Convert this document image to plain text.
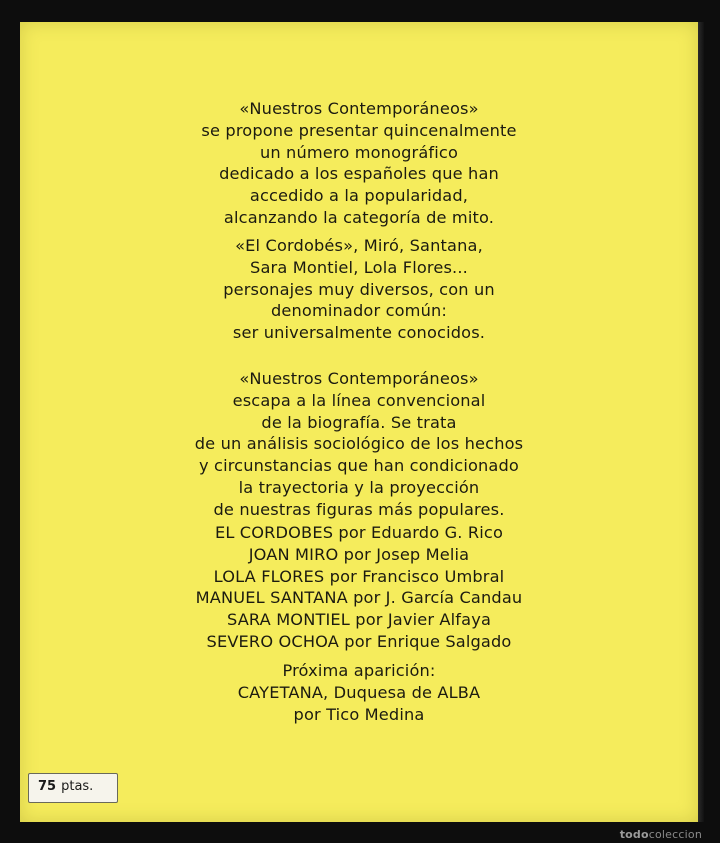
«Nuestros Contemporáneos»
se propone presentar quincenalmente
un número monográfico
dedicado a los españoles que han
accedido a la popularidad,
alcanzando la categoría de mito.
«El Cordobés», Miró, Santana,
Sara Montiel, Lola Flores...
personajes muy diversos, con un
denominador común:
ser universalmente conocidos.
«Nuestros Contemporáneos»
escapa a la línea convencional
de la biografía. Se trata
de un análisis sociológico de los hechos
y circunstancias que han condicionado
la trayectoria y la proyección
de nuestras figuras más populares.
EL CORDOBES por Eduardo G. Rico
JOAN MIRO por Josep Melia
LOLA FLORES por Francisco Umbral
MANUEL SANTANA por J. García Candau
SARA MONTIEL por Javier Alfaya
SEVERO OCHOA por Enrique Salgado
Próxima aparición:
CAYETANA, Duquesa de ALBA
por Tico Medina
75 ptas.
todocoleccion
